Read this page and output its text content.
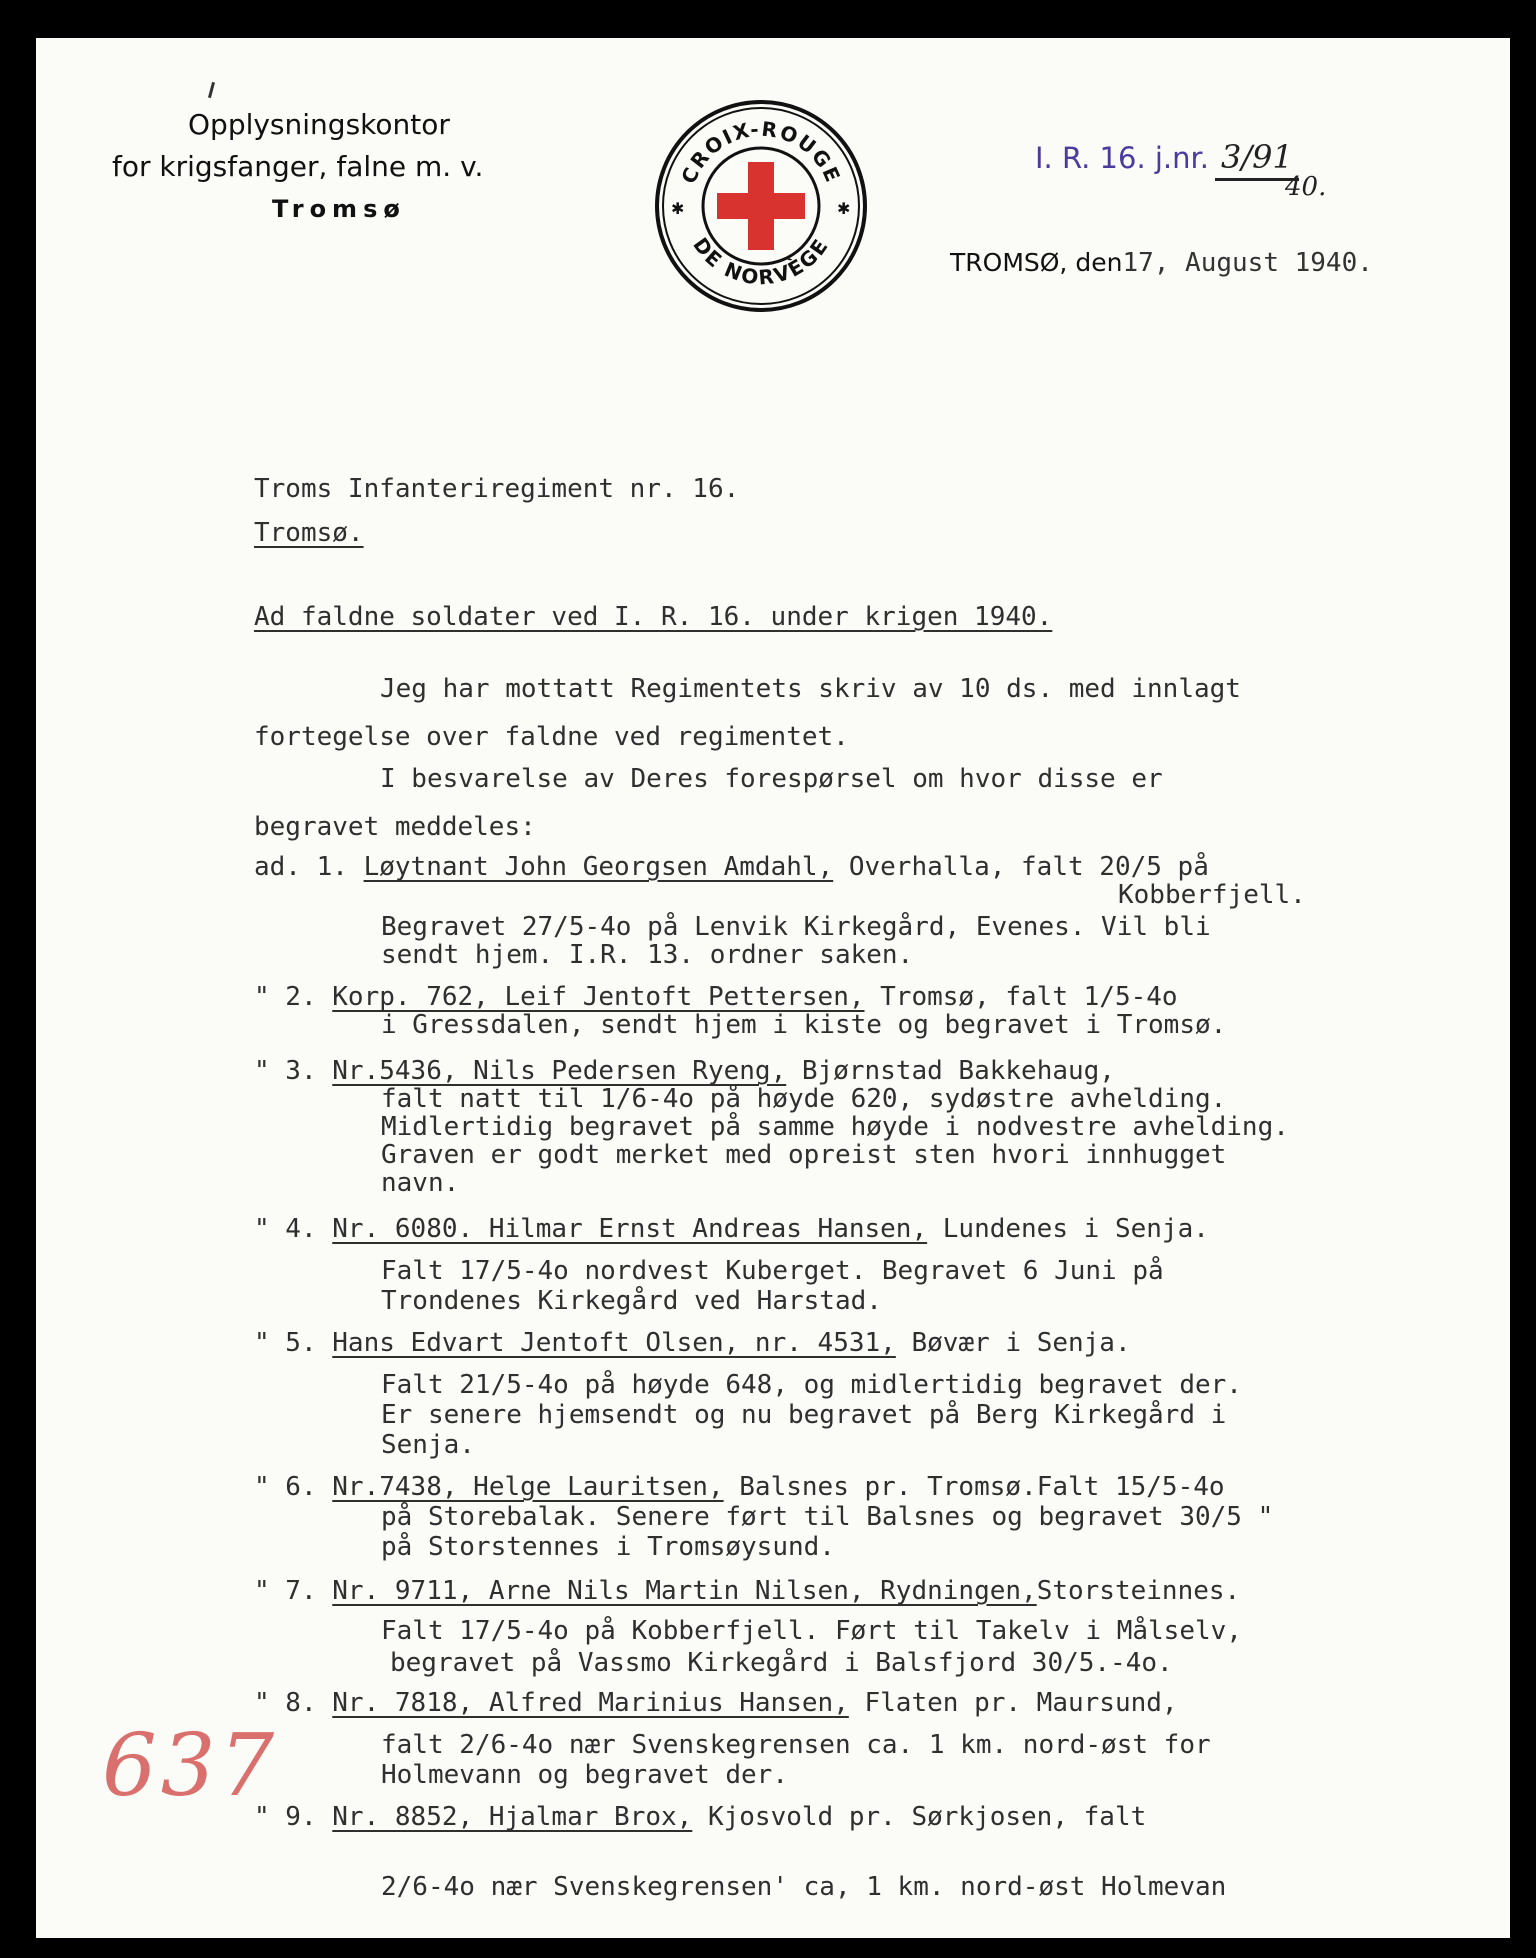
Opplysningskontor
for krigsfanger, falne m. v.
Tromsø
CROIX-ROUGE
DE NORVÈGE
✱	✱
I. R. 16. j.nr. 3/91
40.
TROMSØ, den17, August 1940.
Troms Infanteriregiment nr. 16.
Tromsø.
Ad faldne soldater ved I. R. 16. under krigen 1940.
Jeg har mottatt Regimentets skriv av 10 ds. med innlagt
fortegelse over faldne ved regimentet.
I besvarelse av Deres forespørsel om hvor disse er
begravet meddeles:
ad. 1. Løytnant John Georgsen Amdahl, Overhalla, falt 20/5 på
Kobberfjell.
Begravet 27/5-4o på Lenvik Kirkegård, Evenes. Vil bli
sendt hjem. I.R. 13. ordner saken.
" 2. Korp. 762, Leif Jentoft Pettersen, Tromsø, falt 1/5-4o
i Gressdalen, sendt hjem i kiste og begravet i Tromsø.
" 3. Nr.5436, Nils Pedersen Ryeng, Bjørnstad Bakkehaug,
falt natt til 1/6-4o på høyde 620, sydøstre avhelding.
Midlertidig begravet på samme høyde i nodvestre avhelding.
Graven er godt merket med opreist sten hvori innhugget
navn.
" 4. Nr. 6080. Hilmar Ernst Andreas Hansen, Lundenes i Senja.
Falt 17/5-4o nordvest Kuberget. Begravet 6 Juni på
Trondenes Kirkegård ved Harstad.
" 5. Hans Edvart Jentoft Olsen, nr. 4531, Bøvær i Senja.
Falt 21/5-4o på høyde 648, og midlertidig begravet der.
Er senere hjemsendt og nu begravet på Berg Kirkegård i
Senja.
" 6. Nr.7438, Helge Lauritsen, Balsnes pr. Tromsø.Falt 15/5-4o
på Storebalak. Senere ført til Balsnes og begravet 30/5 "
på Storstennes i Tromsøysund.
" 7. Nr. 9711, Arne Nils Martin Nilsen, Rydningen,Storsteinnes.
Falt 17/5-4o på Kobberfjell. Ført til Takelv i Målselv,
begravet på Vassmo Kirkegård i Balsfjord 30/5.-4o.
" 8. Nr. 7818, Alfred Marinius Hansen, Flaten pr. Maursund,
falt 2/6-4o nær Svenskegrensen ca. 1 km. nord-øst for
Holmevann og begravet der.
" 9. Nr. 8852, Hjalmar Brox, Kjosvold pr. Sørkjosen, falt
2/6-4o nær Svenskegrensen' ca, 1 km. nord-øst Holmevan
637
